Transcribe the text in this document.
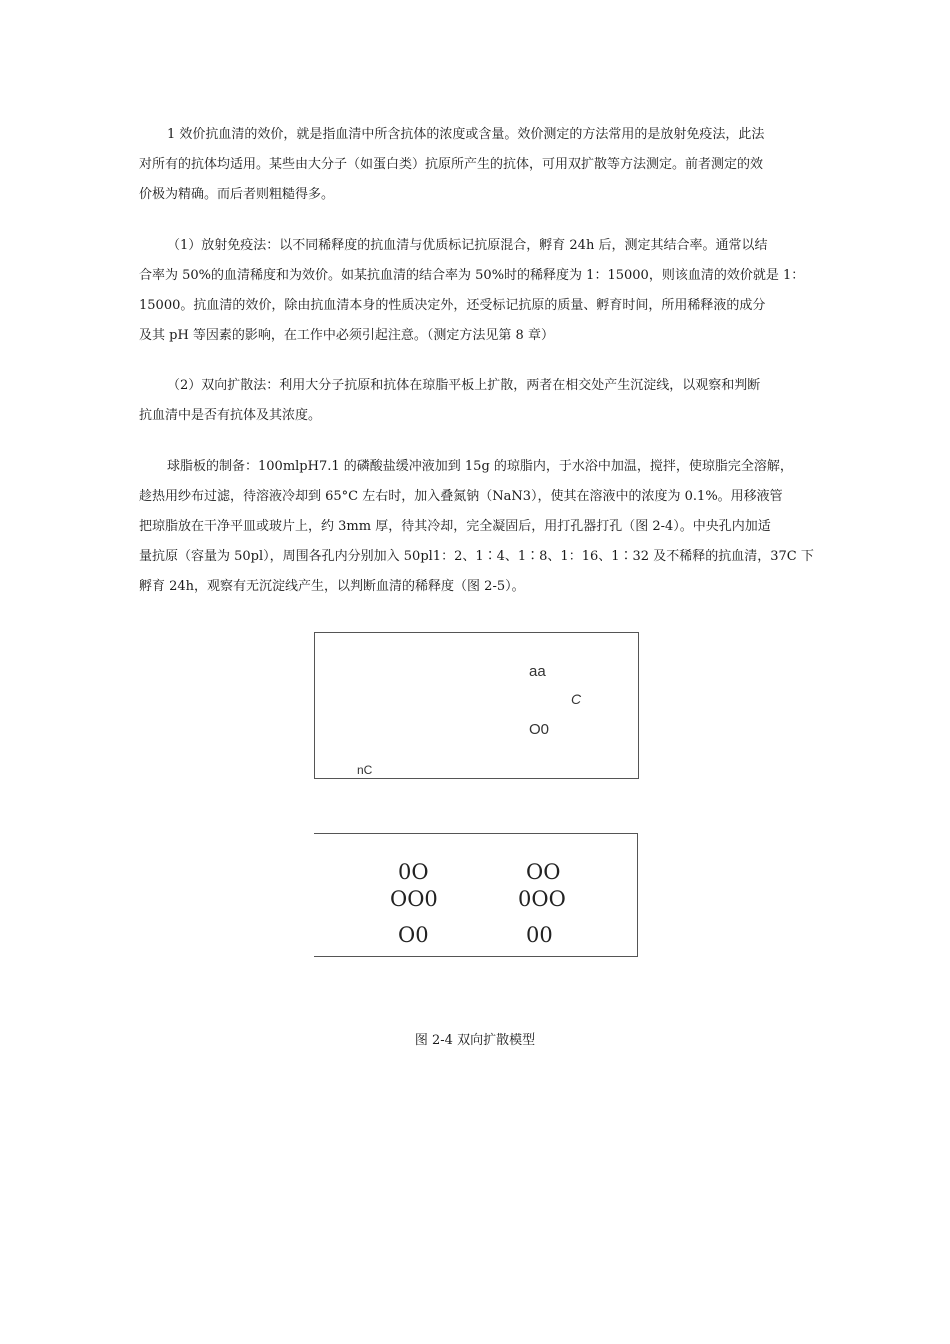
1 效价抗血清的效价，就是指血清中所含抗体的浓度或含量。效价测定的方法常用的是放射免疫法，此法
对所有的抗体均适用。某些由大分子（如蛋白类）抗原所产生的抗体，可用双扩散等方法测定。前者测定的效
价极为精确。而后者则粗糙得多。
（1）放射免疫法：以不同稀释度的抗血清与优质标记抗原混合，孵育 24h 后，测定其结合率。通常以结
合率为 50%的血清稀度和为效价。如某抗血清的结合率为 50%时的稀释度为 1：15000，则该血清的效价就是 1：
15000。抗血清的效价，除由抗血清本身的性质决定外，还受标记抗原的质量、孵育时间，所用稀释液的成分
及其 pH 等因素的影响，在工作中必须引起注意。（测定方法见第 8 章）
（2）双向扩散法：利用大分子抗原和抗体在琼脂平板上扩散，两者在相交处产生沉淀线，以观察和判断
抗血清中是否有抗体及其浓度。
球脂板的制备：100mlpH7.1 的磷酸盐缓冲液加到 15g 的琼脂内，于水浴中加温，搅拌，使琼脂完全溶解，
趁热用纱布过滤，待溶液冷却到 65°C 左右时，加入叠氮钠（NaN3），使其在溶液中的浓度为 0.1%。用移液管
把琼脂放在干净平皿或玻片上，约 3mm 厚，待其冷却，完全凝固后，用打孔器打孔（图 2-4）。中央孔内加适
量抗原（容量为 50pl），周围各孔内分别加入 50pl1：2、1∶4、1∶8、1：16、1∶32 及不稀释的抗血清，37C 下
孵育 24h，观察有无沉淀线产生，以判断血清的稀释度（图 2-5）。
aa
C
O0
nC
0O
OO0
O0
OO
0OO
00
图 2-4 双向扩散模型
